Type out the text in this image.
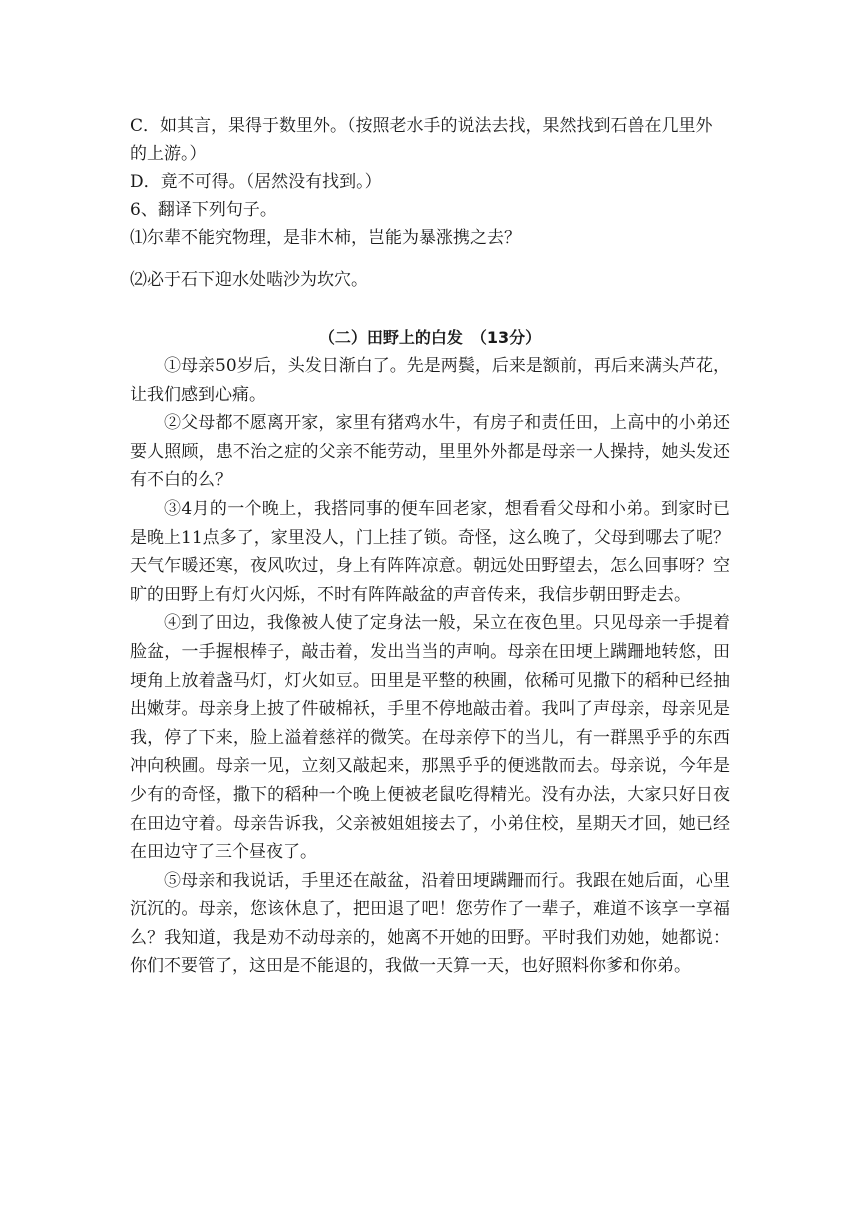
C．如其言，果得于数里外。（按照老水手的说法去找，果然找到石兽在几里外

的上游。）

D．竟不可得。（居然没有找到。）

6、翻译下列句子。

⑴尔辈不能究物理，是非木柿，岂能为暴涨携之去？

⑵必于石下迎水处啮沙为坎穴。

（二）田野上的白发　（13分）

①母亲50岁后，头发日渐白了。先是两鬓，后来是额前，再后来满头芦花，让我们感到心痛。

②父母都不愿离开家，家里有猪鸡水牛，有房子和责任田，上高中的小弟还要人照顾，患不治之症的父亲不能劳动，里里外外都是母亲一人操持，她头发还有不白的么？

③4月的一个晚上，我搭同事的便车回老家，想看看父母和小弟。到家时已是晚上11点多了，家里没人，门上挂了锁。奇怪，这么晚了，父母到哪去了呢？天气乍暖还寒，夜风吹过，身上有阵阵凉意。朝远处田野望去，怎么回事呀？空旷的田野上有灯火闪烁，不时有阵阵敲盆的声音传来，我信步朝田野走去。

④到了田边，我像被人使了定身法一般，呆立在夜色里。只见母亲一手提着脸盆，一手握根棒子，敲击着，发出当当的声响。母亲在田埂上蹒跚地转悠，田埂角上放着盏马灯，灯火如豆。田里是平整的秧圃，依稀可见撒下的稻种已经抽出嫩芽。母亲身上披了件破棉袄，手里不停地敲击着。我叫了声母亲，母亲见是我，停了下来，脸上溢着慈祥的微笑。在母亲停下的当儿，有一群黑乎乎的东西冲向秧圃。母亲一见，立刻又敲起来，那黑乎乎的便逃散而去。母亲说，今年是少有的奇怪，撒下的稻种一个晚上便被老鼠吃得精光。没有办法，大家只好日夜在田边守着。母亲告诉我，父亲被姐姐接去了，小弟住校，星期天才回，她已经在田边守了三个昼夜了。

⑤母亲和我说话，手里还在敲盆，沿着田埂蹒跚而行。我跟在她后面，心里沉沉的。母亲，您该休息了，把田退了吧！您劳作了一辈子，难道不该享一享福么？我知道，我是劝不动母亲的，她离不开她的田野。平时我们劝她，她都说：你们不要管了，这田是不能退的，我做一天算一天，也好照料你爹和你弟。
